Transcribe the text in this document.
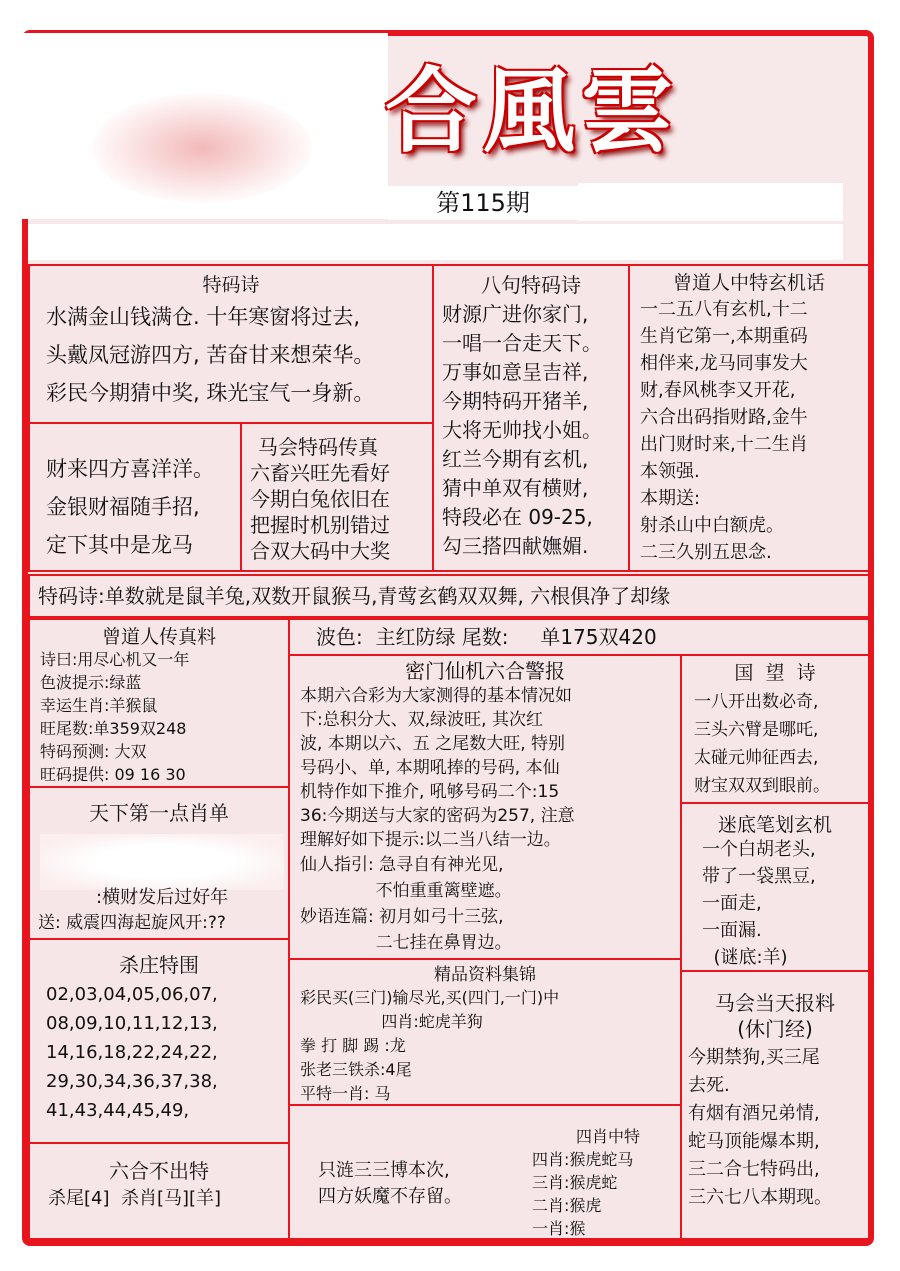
合風雲
第115期
特码诗
水满金山钱满仓. 十年寒窗将过去,
头戴凤冠游四方, 苦奋甘来想荣华。
彩民今期猜中奖, 珠光宝气一身新。
财来四方喜洋洋。
金银财福随手招,
定下其中是龙马
马会特码传真
六畜兴旺先看好
今期白兔依旧在
把握时机别错过
合双大码中大奖
八句特码诗
财源广进你家门,
一唱一合走天下。
万事如意呈吉祥,
今期特码开猪羊,
大将无帅找小姐。
红兰今期有玄机,
猜中单双有横财,
特段必在 09-25,
勾三搭四献嫵媚.
曾道人中特玄机话
一二五八有玄机,十二
生肖它第一,本期重码
相伴来,龙马同事发大
财,春风桃李又开花,
六合出码指财路,金牛
出门财时来,十二生肖
本领强.
本期送:
射杀山中白额虎。
二三久别五思念.
特码诗:单数就是鼠羊兔,双数开鼠猴马,青莺玄鹤双双舞, 六根俱净了却缘
曾道人传真料
诗曰:用尽心机又一年
色波提示:绿蓝
幸运生肖:羊猴鼠
旺尾数:单359双248
特码预测: 大双
旺码提供: 09 16 30
波色:  主红防绿 尾数:     单175双420
密门仙机六合警报
本期六合彩为大家测得的基本情况如
下:总积分大、双,绿波旺, 其次红
波, 本期以六、五 之尾数大旺, 特别
号码小、单, 本期吼捧的号码, 本仙
机特作如下推介, 吼够号码二个:15
36:今期送与大家的密码为257, 注意
理解好如下提示:以二当八结一边。
仙人指引: 急寻自有神光见,
不怕重重篱壁遮。
妙语连篇: 初月如弓十三弦,
二七挂在鼻胃边。
国  望  诗
一八开出数必奇,
三头六臂是哪吒,
太碰元帅征西去,
财宝双双到眼前。
天下第一点肖单
:横财发后过好年
送: 威震四海起旋风开:??
迷底笔划玄机
一个白胡老头,
带了一袋黑豆,
一面走,
一面漏.
(谜底:羊)
杀庄特围
02,03,04,05,06,07,
08,09,10,11,12,13,
14,16,18,22,24,22,
29,30,34,36,37,38,
41,43,44,45,49,
精品资料集锦
彩民买(三门)输尽光,买(四门,一门)中
四肖:蛇虎羊狗
拳 打 脚 踢 :龙
张老三铁杀:4尾
平特一肖: 马
马会当天报料
(休门经)
今期禁狗,买三尾
去死.
有烟有酒兄弟情,
蛇马顶能爆本期,
三二合七特码出,
三六七八本期现。
六合不出特
杀尾[4]  杀肖[马][羊]
只涟三三博本次,
四方妖魔不存留。
四肖中特
四肖:猴虎蛇马
三肖:猴虎蛇
二肖:猴虎
一肖:猴
